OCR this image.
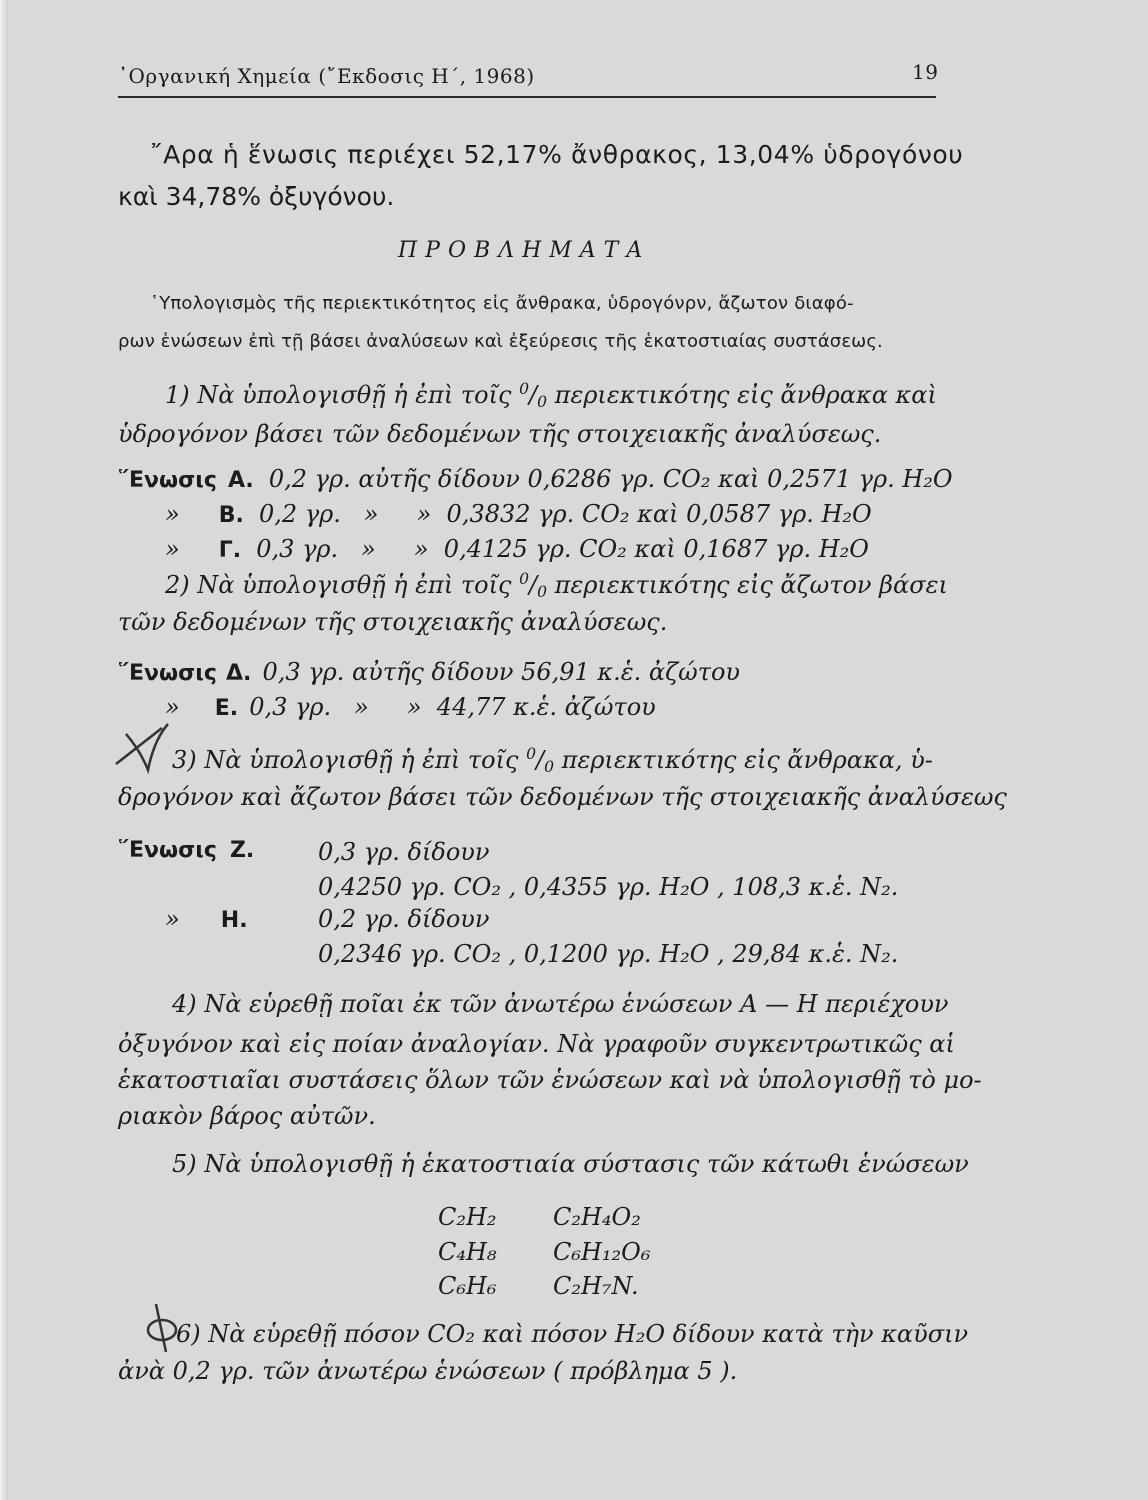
᾿Οργανική Χημεία (῎Εκδοσις Η΄, 1968)	19
῎Αρα ἡ ἕνωσις περιέχει 52,17% ἄνθρακος, 13,04% ὑδρογόνου
καὶ 34,78% ὀξυγόνου.
ΠΡΟΒΛΗΜΑΤΑ
῾Υπολογισμὸς τῆς περιεκτικότητος εἰς ἄνθρακα, ὑδρογόνρν, ἄζωτον διαφό-
ρων ἑνώσεων ἐπὶ τῇ βάσει ἀναλύσεων καὶ ἐξεύρεσις τῆς ἑκατοστιαίας συστάσεως.
1) Νὰ ὑπολογισθῇ ἡ ἐπὶ τοῖς $^0/_0$ περιεκτικότης εἰς ἄνθρακα καὶ
ὑδρογόνον βάσει τῶν δεδομένων τῆς στοιχειακῆς ἀναλύσεως.
῞Ενωσις A. 0,2 γρ. αὐτῆς δίδουν 0,6286 γρ. CO₂ καὶ 0,2571 γρ. H₂O
» B. 0,2 γρ.   »     »  0,3832 γρ. CO₂ καὶ 0,0587 γρ. H₂O
» Γ. 0,3 γρ.   »     »  0,4125 γρ. CO₂ καὶ 0,1687 γρ. H₂O
2) Νὰ ὑπολογισθῇ ἡ ἐπὶ τοῖς $^0/_0$ περιεκτικότης εἰς ἄζωτον βάσει
τῶν δεδομένων τῆς στοιχειακῆς ἀναλύσεως.
῞Ενωσις Δ. 0,3 γρ. αὐτῆς δίδουν 56,91 κ.ἑ. ἀζώτου
» E. 0,3 γρ.   »     »  44,77 κ.ἑ. ἀζώτου
3) Νὰ ὑπολογισθῇ ἡ ἐπὶ τοῖς $^0/_0$ περιεκτικότης εἰς ἄνθρακα, ὑ-
δρογόνον καὶ ἄζωτον βάσει τῶν δεδομένων τῆς στοιχειακῆς ἀναλύσεως
῞Ενωσις Z.	0,3 γρ. δίδουν
0,4250 γρ. CO₂ , 0,4355 γρ. H₂O , 108,3 κ.ἑ. N₂.
» H.	0,2 γρ. δίδουν
0,2346 γρ. CO₂ , 0,1200 γρ. H₂O , 29,84 κ.ἑ. N₂.
4) Νὰ εὑρεθῇ ποῖαι ἐκ τῶν ἀνωτέρω ἑνώσεων A — H περιέχουν
ὀξυγόνον καὶ εἰς ποίαν ἀναλογίαν. Νὰ γραφοῦν συγκεντρωτικῶς αἱ
ἑκατοστιαῖαι συστάσεις ὅλων τῶν ἑνώσεων καὶ νὰ ὑπολογισθῇ τὸ μο-
ριακὸν βάρος αὐτῶν.
5) Νὰ ὑπολογισθῇ ἡ ἑκατοστιαία σύστασις τῶν κάτωθι ἑνώσεων
C₂H₂ C₂H₄O₂
C₄H₈ C₆H₁₂O₆
C₆H₆ C₂H₇N.
6) Νὰ εὑρεθῇ πόσον CO₂ καὶ πόσον H₂O δίδουν κατὰ τὴν καῦσιν
ἀνὰ 0,2 γρ. τῶν ἀνωτέρω ἑνώσεων ( πρόβλημα 5 ).
